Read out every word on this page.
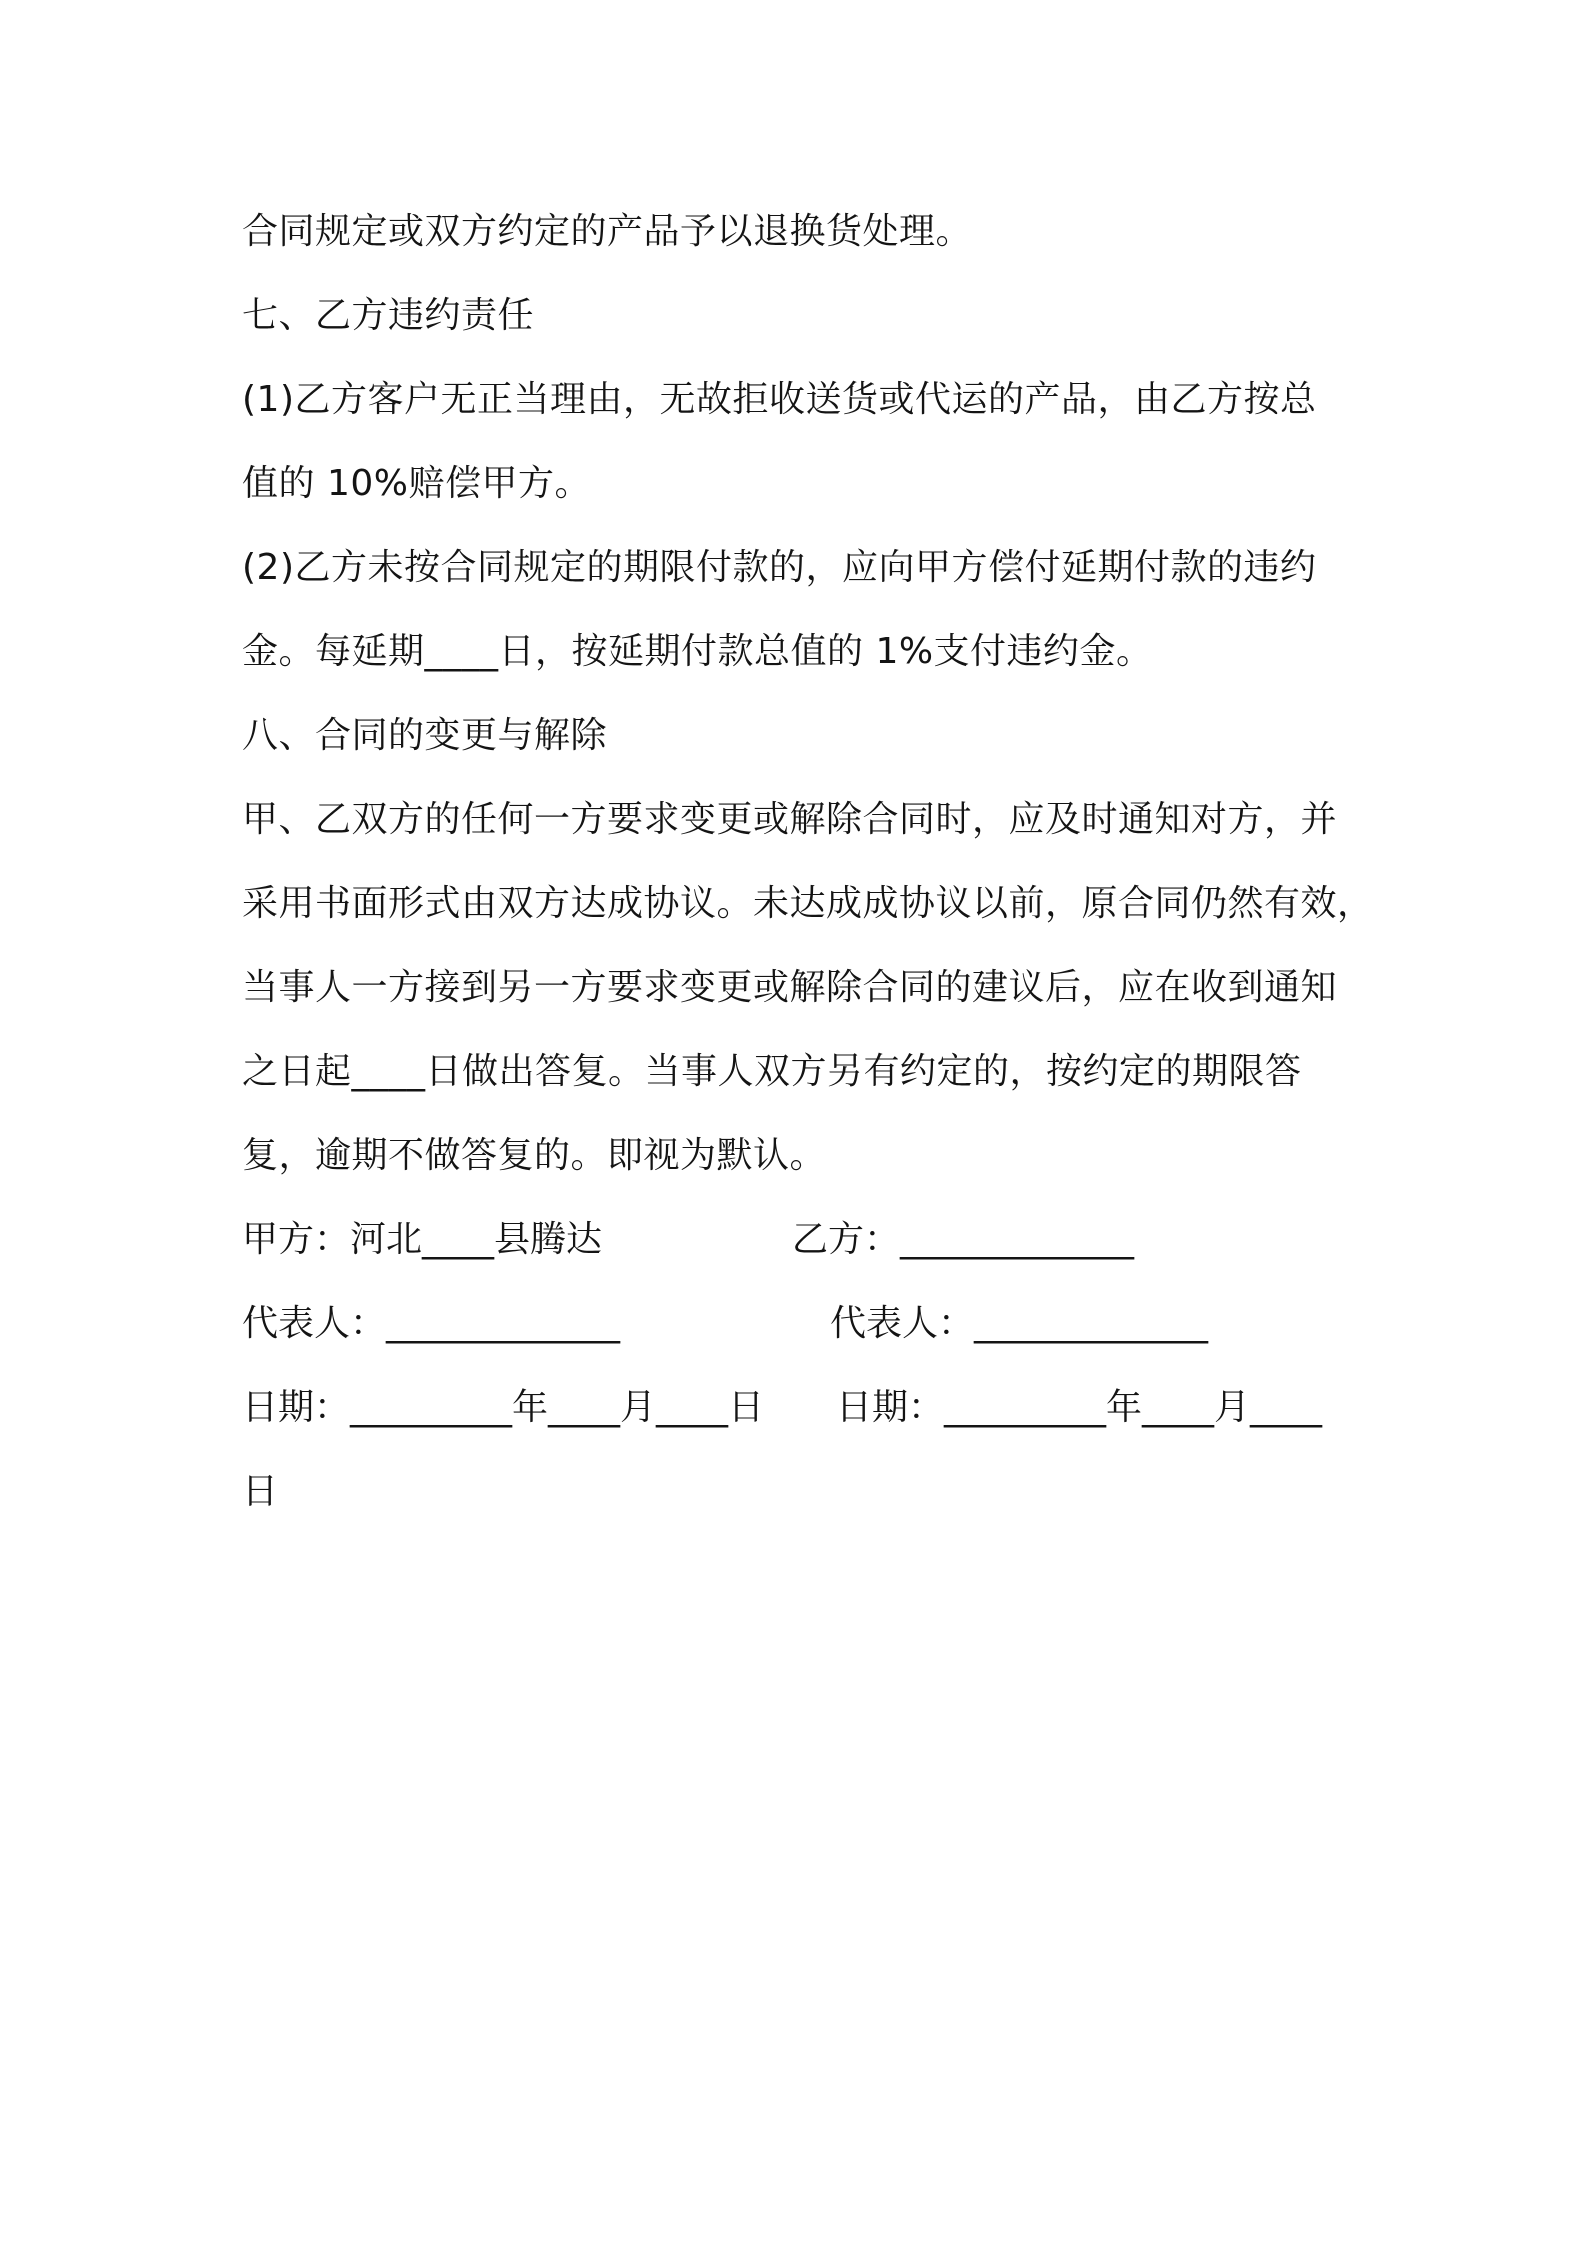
合同规定或双方约定的产品予以退换货处理。
七、乙方违约责任
(1)乙方客户无正当理由，无故拒收送货或代运的产品，由乙方按总
值的 10%赔偿甲方。
(2)乙方未按合同规定的期限付款的，应向甲方偿付延期付款的违约
金。每延期____日，按延期付款总值的 1%支付违约金。
八、合同的变更与解除
甲、乙双方的任何一方要求变更或解除合同时，应及时通知对方，并
采用书面形式由双方达成协议。未达成成协议以前，原合同仍然有效，
当事人一方接到另一方要求变更或解除合同的建议后，应在收到通知
之日起____日做出答复。当事人双方另有约定的，按约定的期限答
复，逾期不做答复的。即视为默认。
甲方：河北____县腾达	乙方：_____________
代表人：_____________	代表人：_____________
日期：_________年____月____日 日期：_________年____月____
日
